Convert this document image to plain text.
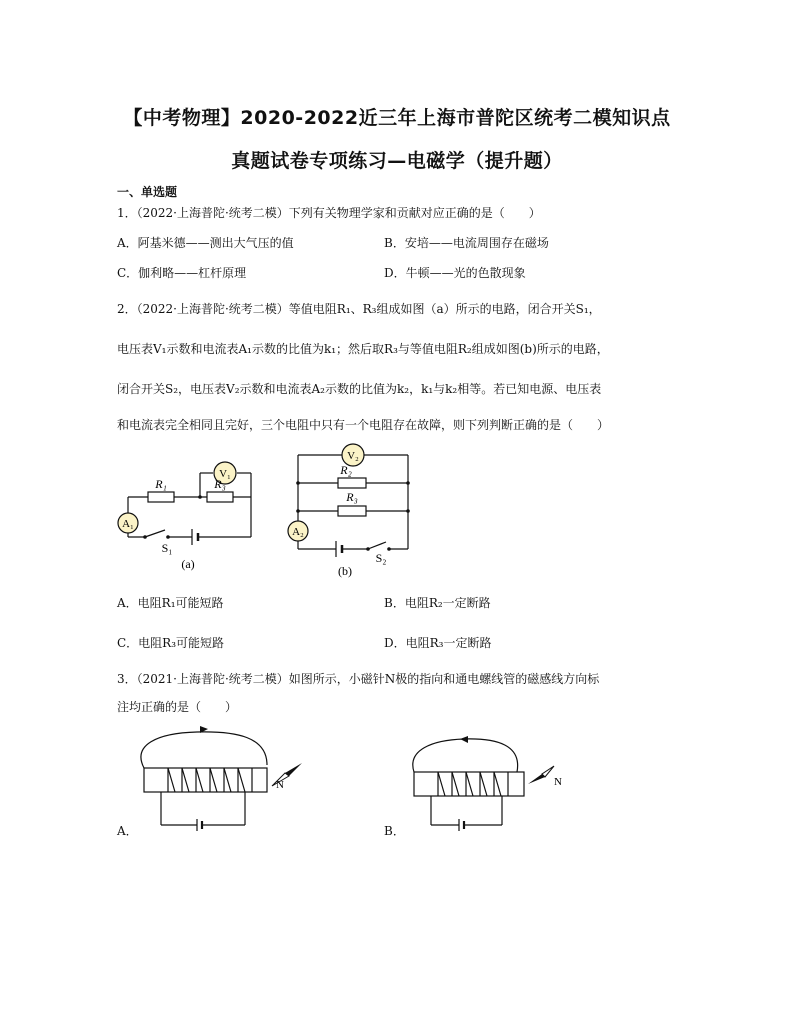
【中考物理】2020-2022近三年上海市普陀区统考二模知识点
真题试卷专项练习—电磁学（提升题）
一、单选题
1．（2022·上海普陀·统考二模）下列有关物理学家和贡献对应正确的是（　　）
A．阿基米德——测出大气压的值	B．安培——电流周围存在磁场
C．伽利略——杠杆原理	D．牛顿——光的色散现象
2．（2022·上海普陀·统考二模）等值电阻R₁、R₃组成如图（a）所示的电路，闭合开关S₁，
电压表V₁示数和电流表A₁示数的比值为k₁；然后取R₃与等值电阻R₂组成如图(b)所示的电路，
闭合开关S₂，电压表V₂示数和电流表A₂示数的比值为k₂，k₁与k₂相等。若已知电源、电压表
和电流表完全相同且完好，三个电阻中只有一个电阻存在故障，则下列判断正确的是（　　）
V₁
A₁
R₁	R₃
S₁
(a)
V₂
A₂
R₂
R₃
S₂
(b)
A．电阻R₁可能短路	B．电阻R₂一定断路
C．电阻R₃可能短路	D．电阻R₃一定断路
3．（2021·上海普陀·统考二模）如图所示，小磁针N极的指向和通电螺线管的磁感线方向标
注均正确的是（　　）
N
A．
N
B．
